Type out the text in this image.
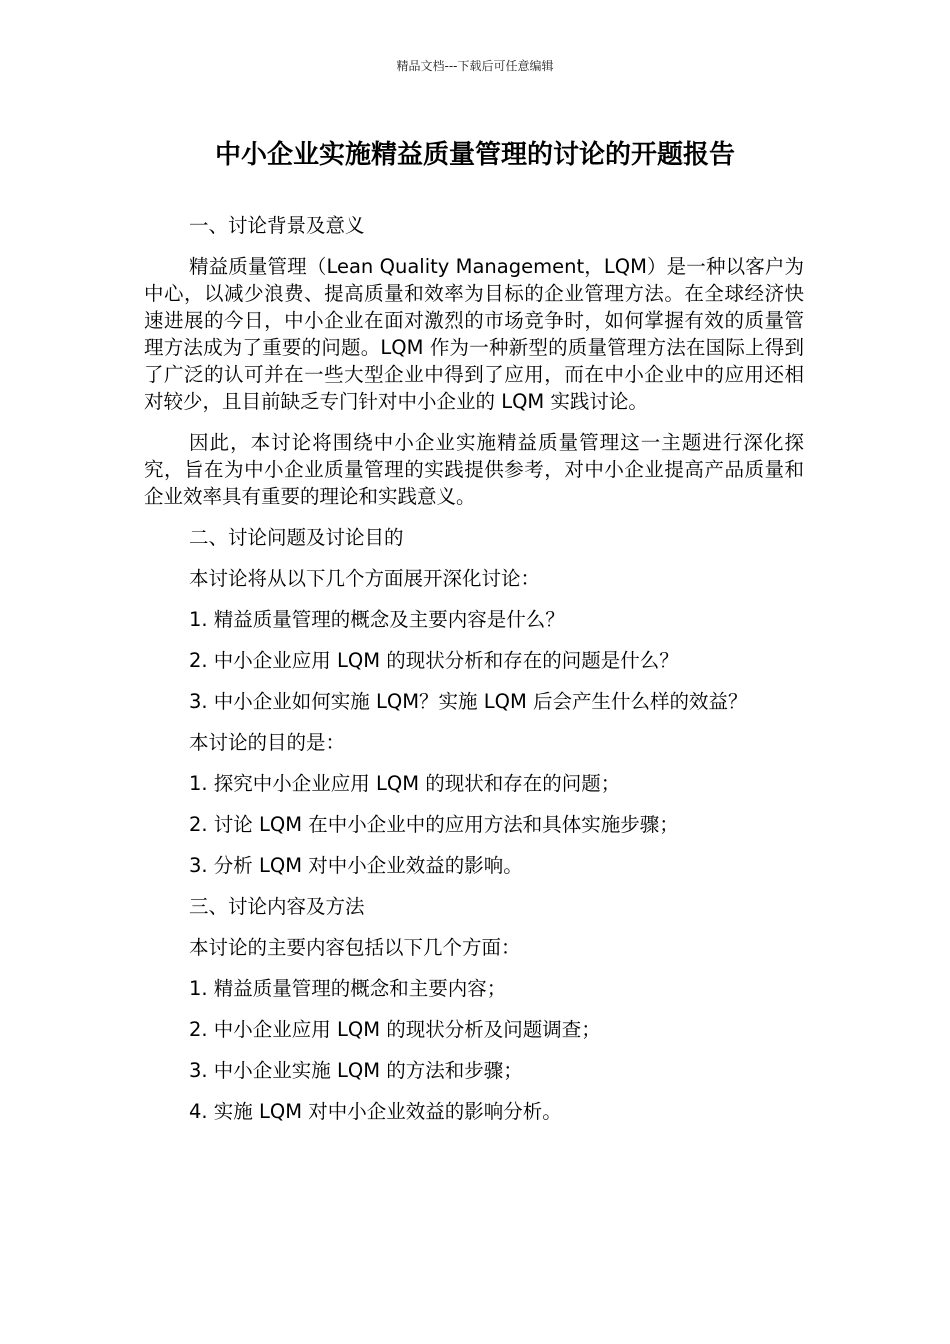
精品文档---下载后可任意编辑
中小企业实施精益质量管理的讨论的开题报告

一、讨论背景及意义

精益质量管理（Lean Quality Management，LQM）是一种以客户为中心，以减少浪费、提高质量和效率为目标的企业管理方法。在全球经济快速进展的今日，中小企业在面对激烈的市场竞争时，如何掌握有效的质量管理方法成为了重要的问题。LQM 作为一种新型的质量管理方法在国际上得到了广泛的认可并在一些大型企业中得到了应用，而在中小企业中的应用还相对较少，且目前缺乏专门针对中小企业的 LQM 实践讨论。

因此，本讨论将围绕中小企业实施精益质量管理这一主题进行深化探究，旨在为中小企业质量管理的实践提供参考，对中小企业提高产品质量和企业效率具有重要的理论和实践意义。

二、讨论问题及讨论目的

本讨论将从以下几个方面展开深化讨论：

1. 精益质量管理的概念及主要内容是什么？

2. 中小企业应用 LQM 的现状分析和存在的问题是什么？

3. 中小企业如何实施 LQM？实施 LQM 后会产生什么样的效益？

本讨论的目的是：

1. 探究中小企业应用 LQM 的现状和存在的问题；

2. 讨论 LQM 在中小企业中的应用方法和具体实施步骤；

3. 分析 LQM 对中小企业效益的影响。

三、讨论内容及方法

本讨论的主要内容包括以下几个方面：

1. 精益质量管理的概念和主要内容；

2. 中小企业应用 LQM 的现状分析及问题调查；

3. 中小企业实施 LQM 的方法和步骤；

4. 实施 LQM 对中小企业效益的影响分析。
